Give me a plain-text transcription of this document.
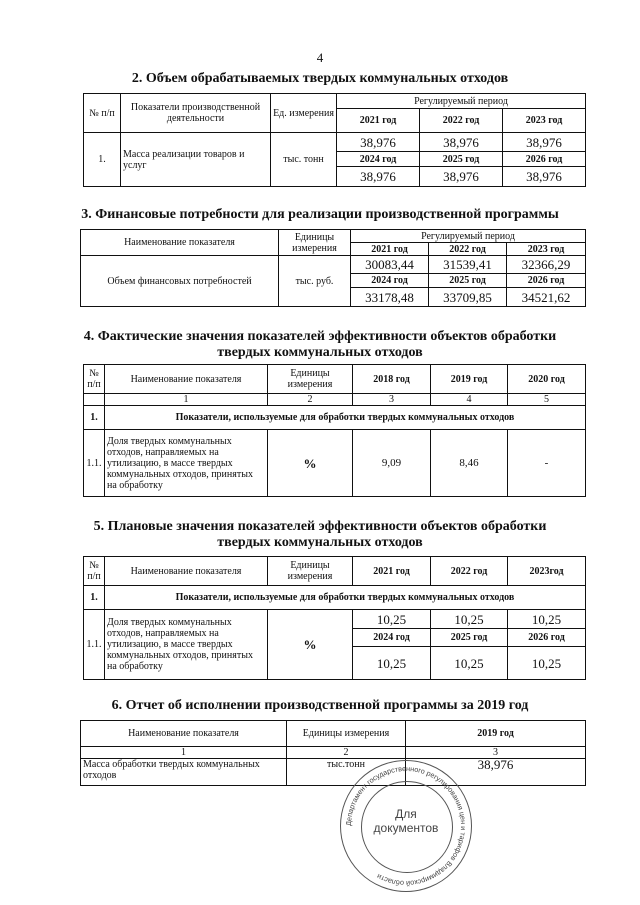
4
2. Объем обрабатываемых твердых коммунальных отходов
№ п/п	Показатели производственной деятельности	Ед. измерения	Регулируемый период		
			2021 год	2022 год	2023 год
1.	Масса реализации товаров и услуг	тыс. тонн	38,976	38,976	38,976
			2024 год	2025 год	2026 год
			38,976	38,976	38,976
3. Финансовые потребности для реализации производственной программы
Наименование показателя	Единицы измерения	Регулируемый период		
		2021 год	2022 год	2023 год
Объем финансовых потребностей	тыс. руб.	30083,44	31539,41	32366,29
		2024 год	2025 год	2026 год
		33178,48	33709,85	34521,62
4. Фактические значения показателей эффективности объектов обработки
твердых коммунальных отходов
№ п/п	Наименование показателя	Единицы измерения	2018 год	2019 год	2020 год
	1	2	3	4	5
1.	Показатели, используемые для обработки твердых коммунальных отходов				
1.1.	Доля твердых коммунальных отходов, направляемых на утилизацию, в массе твердых коммунальных отходов, принятых на обработку	%	9,09	8,46	-
5. Плановые значения показателей эффективности объектов обработки
твердых коммунальных отходов
№ п/п	Наименование показателя	Единицы измерения	2021 год	2022 год	2023год
1.	Показатели, используемые для обработки твердых коммунальных отходов				
1.1.	Доля твердых коммунальных отходов, направляемых на утилизацию, в массе твердых коммунальных отходов, принятых на обработку	%	10,25	10,25	10,25
			2024 год	2025 год	2026 год
			10,25	10,25	10,25
6. Отчет об исполнении производственной программы за 2019 год
Наименование показателя	Единицы измерения	2019 год
1	2	3
Масса обработки твердых коммунальных отходов	тыс.тонн	38,976
Департамент государственного регулирования цен и тарифов Владимирской области
Для
документов
